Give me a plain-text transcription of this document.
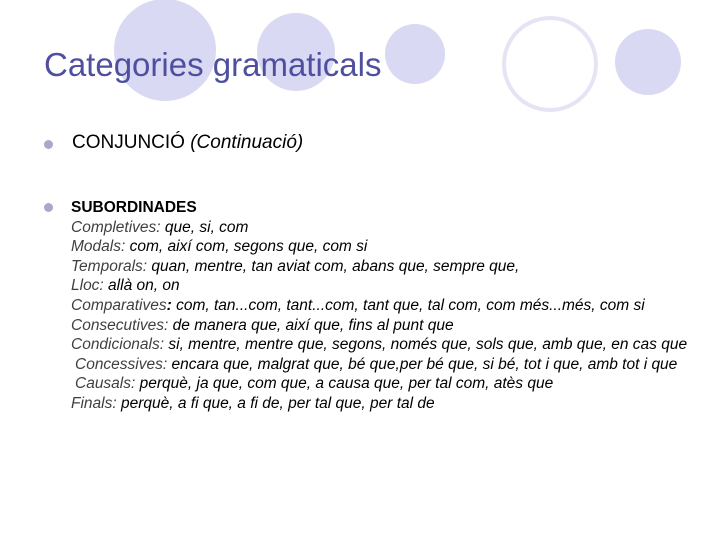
Categories gramaticals
CONJUNCIÓ (Continuació)
SUBORDINADES
Completives: que, si, com
Modals: com, així com, segons que, com si
Temporals: quan, mentre, tan aviat com, abans que, sempre que,
Lloc: allà on, on
Comparatives: com, tan...com, tant...com, tant que, tal com, com més...més, com si
Consecutives: de manera que, així que, fins al punt que
Condicionals: si, mentre, mentre que, segons, només que, sols que, amb que, en cas que
Concessives: encara que, malgrat que, bé que,per bé que, si bé, tot i que, amb tot i que
Causals: perquè, ja que, com que, a causa que, per tal com, atès que
Finals: perquè, a fi que, a fi de, per tal que, per tal de
